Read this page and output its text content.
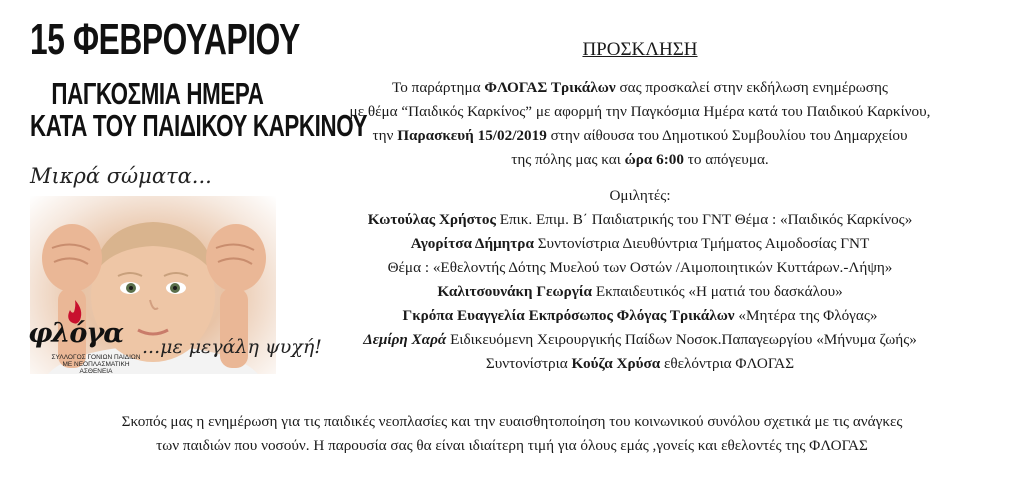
15 ΦΕΒΡΟΥΑΡΙΟΥ
ΠΑΓΚΟΣΜΙΑ ΗΜΕΡΑ
ΚΑΤΑ ΤΟΥ ΠΑΙΔΙΚΟΥ ΚΑΡΚΙΝΟΥ
Μικρά σώματα...
φλόγα
ΣΥΛΛΟΓΟΣ ΓΟΝΙΩΝ ΠΑΙΔΙΩΝ ΜΕ ΝΕΟΠΛΑΣΜΑΤΙΚΗ ΑΣΘΕΝΕΙΑ
...με μεγάλη ψυχή!
ΠΡΟΣΚΛΗΣΗ

Το παράρτημα ΦΛΟΓΑΣ Τρικάλων σας προσκαλεί στην εκδήλωση ενημέρωσης

με θέμα “Παιδικός Καρκίνος” με αφορμή την Παγκόσμια Ημέρα κατά του Παιδικού Καρκίνου,

την Παρασκευή 15/02/2019 στην αίθουσα του Δημοτικού Συμβουλίου του Δημαρχείου

της πόλης μας και ώρα 6:00 το απόγευμα.

Ομιλητές:

Κωτούλας Χρήστος Επικ. Επιμ. Β΄ Παιδιατρικής του ΓΝΤ Θέμα : «Παιδικός Καρκίνος»

Αγορίτσα Δήμητρα Συντονίστρια Διευθύντρια Τμήματος Αιμοδοσίας ΓΝΤ

Θέμα : «Εθελοντής Δότης Μυελού των Οστών /Αιμοποιητικών Κυττάρων.-Λήψη»

Καλιτσουνάκη Γεωργία Εκπαιδευτικός «Η ματιά του δασκάλου»

Γκρόπα Ευαγγελία Εκπρόσωπος Φλόγας Τρικάλων «Μητέρα της Φλόγας»

Δεμίρη Χαρά Ειδικευόμενη Χειρουργικής Παίδων Νοσοκ.Παπαγεωργίου «Μήνυμα ζωής»

Συντονίστρια Κούζα Χρύσα εθελόντρια ΦΛΟΓΑΣ

Σκοπός μας η ενημέρωση για τις παιδικές νεοπλασίες και την ευαισθητοποίηση του κοινωνικού συνόλου σχετικά με τις ανάγκες

των παιδιών που νοσούν. Η παρουσία σας θα είναι ιδιαίτερη τιμή για όλους εμάς ,γονείς και εθελοντές της ΦΛΟΓΑΣ
